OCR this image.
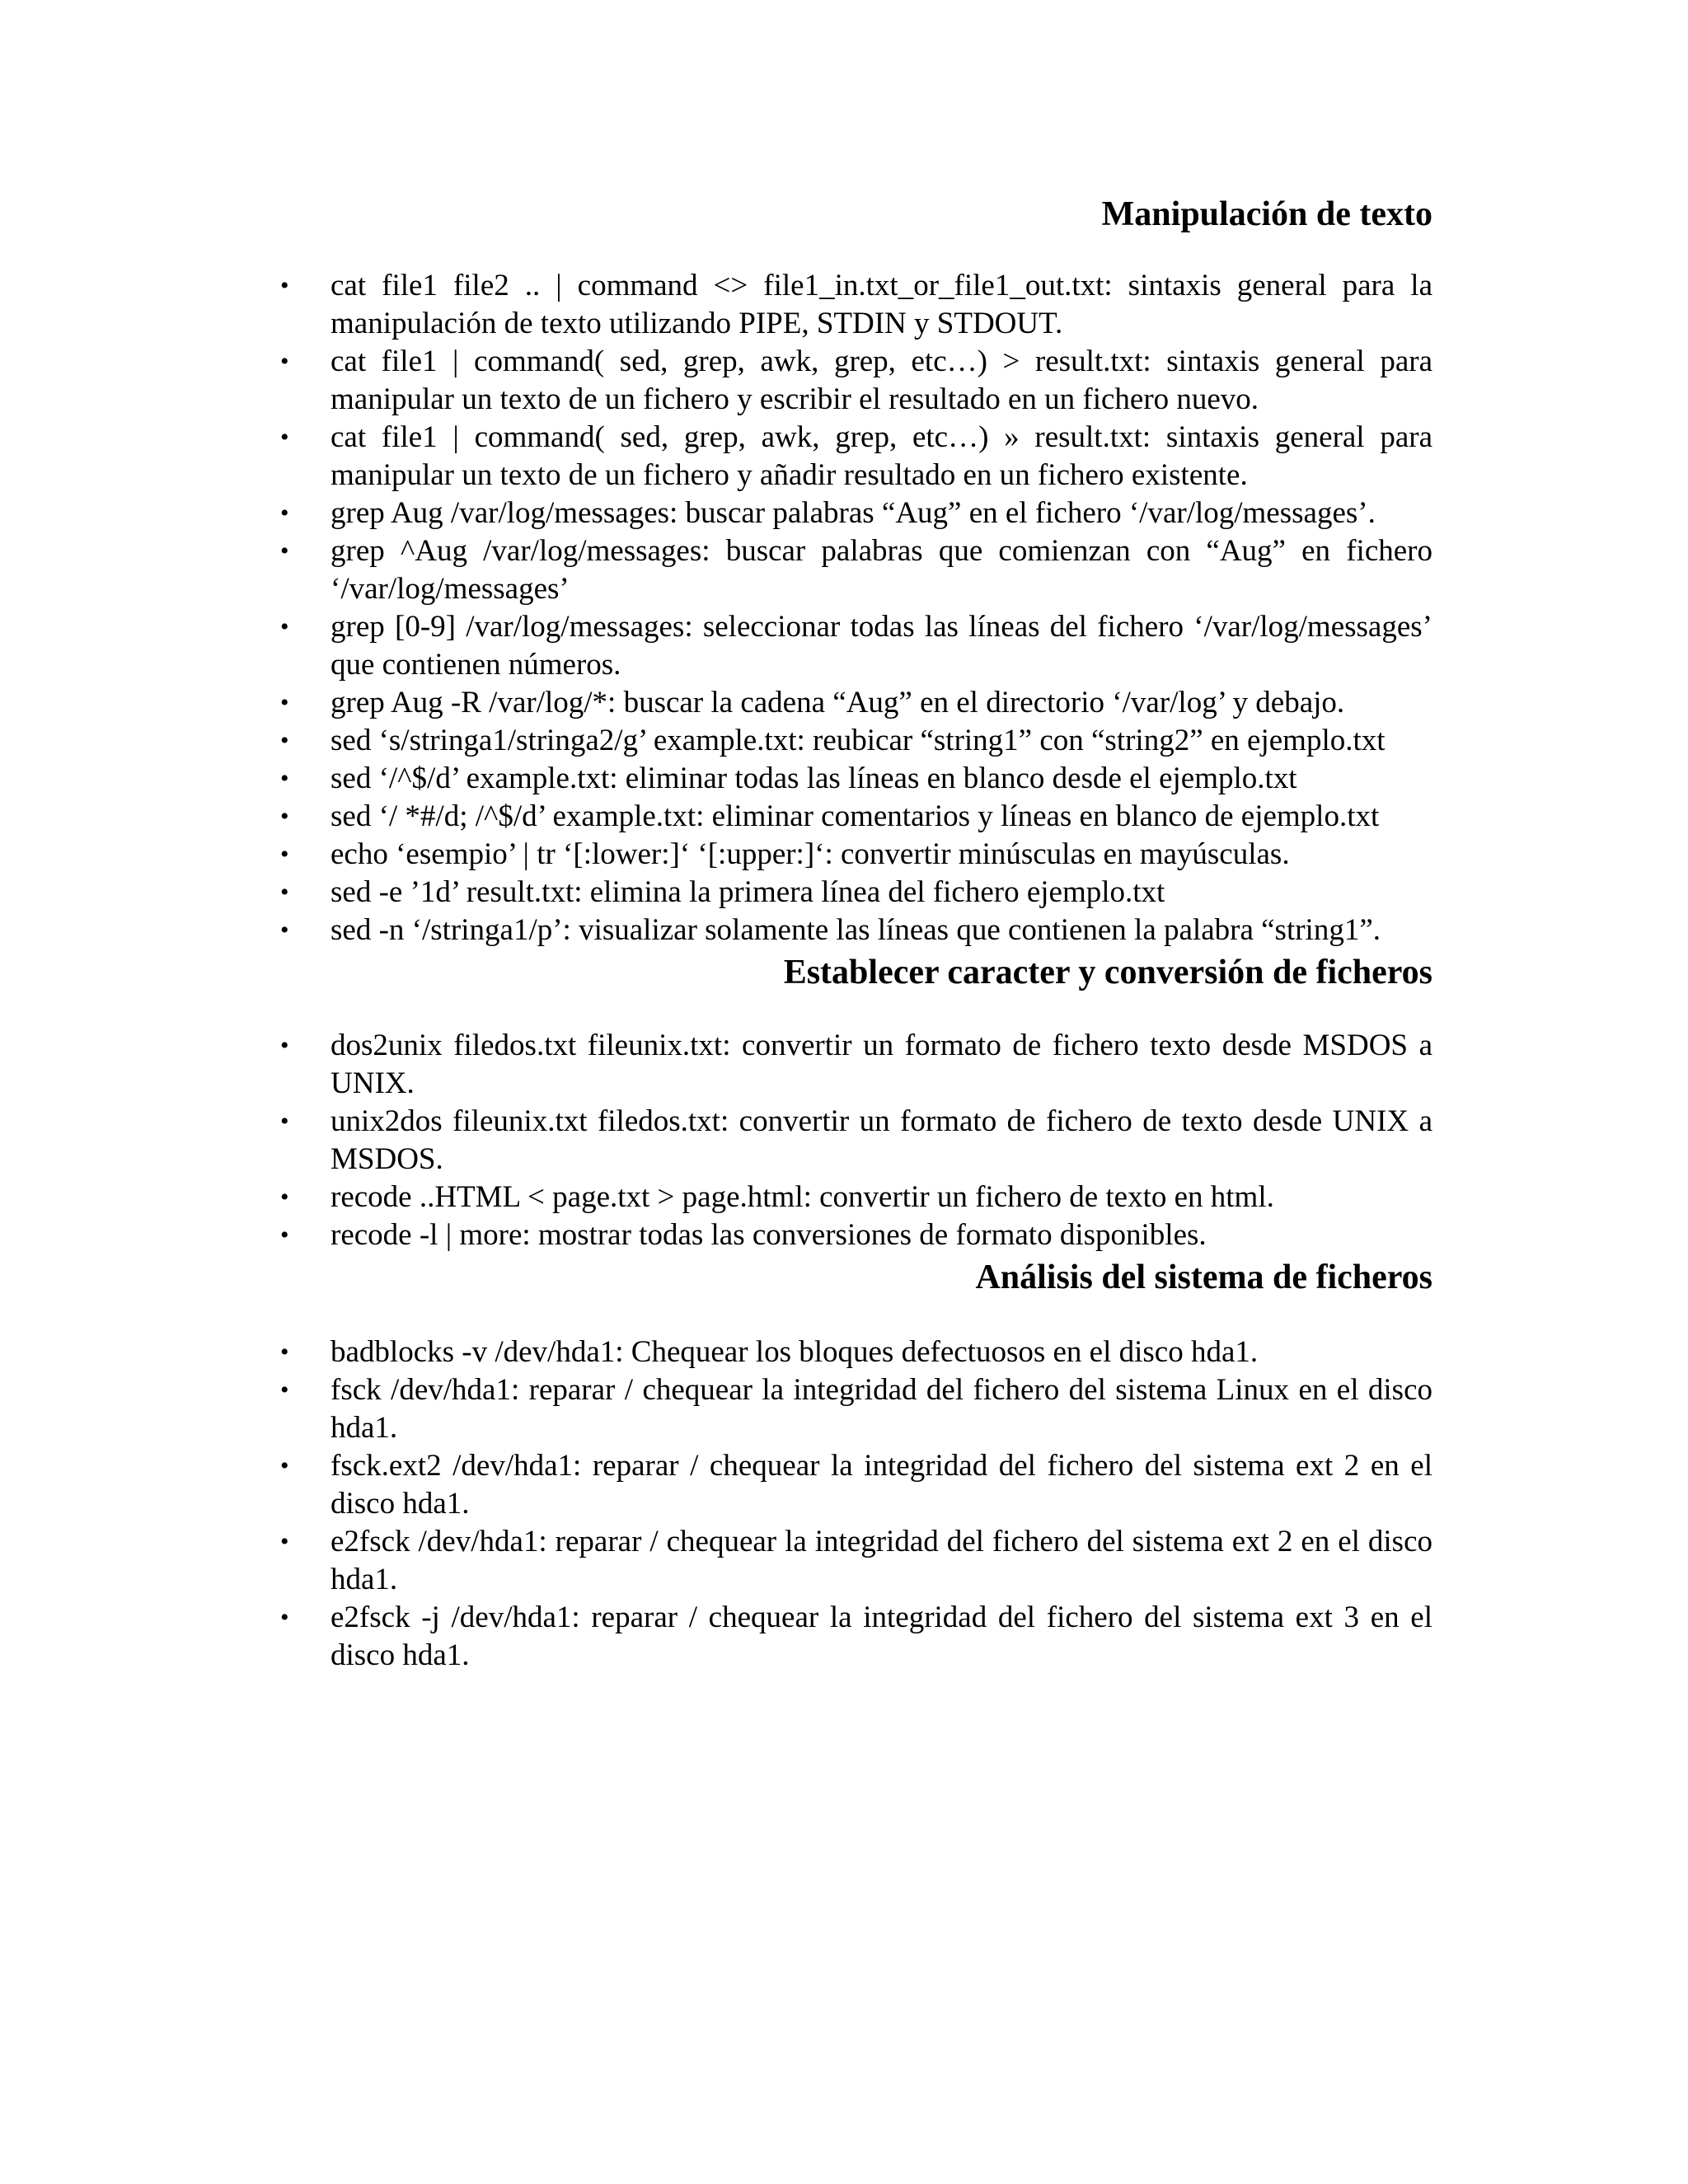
Manipulación de texto
• cat file1 file2 .. | command <> file1_in.txt_or_file1_out.txt: sintaxis general para la manipulación de texto utilizando PIPE, STDIN y STDOUT.
• cat file1 | command( sed, grep, awk, grep, etc…) > result.txt: sintaxis general para manipular un texto de un fichero y escribir el resultado en un fichero nuevo.
• cat file1 | command( sed, grep, awk, grep, etc…) » result.txt: sintaxis general para manipular un texto de un fichero y añadir resultado en un fichero existente.
• grep Aug /var/log/messages: buscar palabras “Aug” en el fichero ‘/var/log/messages’.
• grep ^Aug /var/log/messages: buscar palabras que comienzan con “Aug” en fichero ‘/var/log/messages’
• grep [0-9] /var/log/messages: seleccionar todas las líneas del fichero ‘/var/log/messages’ que contienen números.
• grep Aug -R /var/log/*: buscar la cadena “Aug” en el directorio ‘/var/log’ y debajo.
• sed ‘s/stringa1/stringa2/g’ example.txt: reubicar “string1” con “string2” en ejemplo.txt
• sed ‘/^$/d’ example.txt: eliminar todas las líneas en blanco desde el ejemplo.txt
• sed ‘/ *#/d; /^$/d’ example.txt: eliminar comentarios y líneas en blanco de ejemplo.txt
• echo ‘esempio’ | tr ‘[:lower:]‘ ‘[:upper:]‘: convertir minúsculas en mayúsculas.
• sed -e ’1d’ result.txt: elimina la primera línea del fichero ejemplo.txt
• sed -n ‘/stringa1/p’: visualizar solamente las líneas que contienen la palabra “string1”.
Establecer caracter y conversión de ficheros
• dos2unix filedos.txt fileunix.txt: convertir un formato de fichero texto desde MSDOS a UNIX.
• unix2dos fileunix.txt filedos.txt: convertir un formato de fichero de texto desde UNIX a MSDOS.
• recode ..HTML < page.txt > page.html: convertir un fichero de texto en html.
• recode -l | more: mostrar todas las conversiones de formato disponibles.
Análisis del sistema de ficheros
• badblocks -v /dev/hda1: Chequear los bloques defectuosos en el disco hda1.
• fsck /dev/hda1: reparar / chequear la integridad del fichero del sistema Linux en el disco hda1.
• fsck.ext2 /dev/hda1: reparar / chequear la integridad del fichero del sistema ext 2 en el disco hda1.
• e2fsck /dev/hda1: reparar / chequear la integridad del fichero del sistema ext 2 en el disco hda1.
• e2fsck -j /dev/hda1: reparar / chequear la integridad del fichero del sistema ext 3 en el disco hda1.
